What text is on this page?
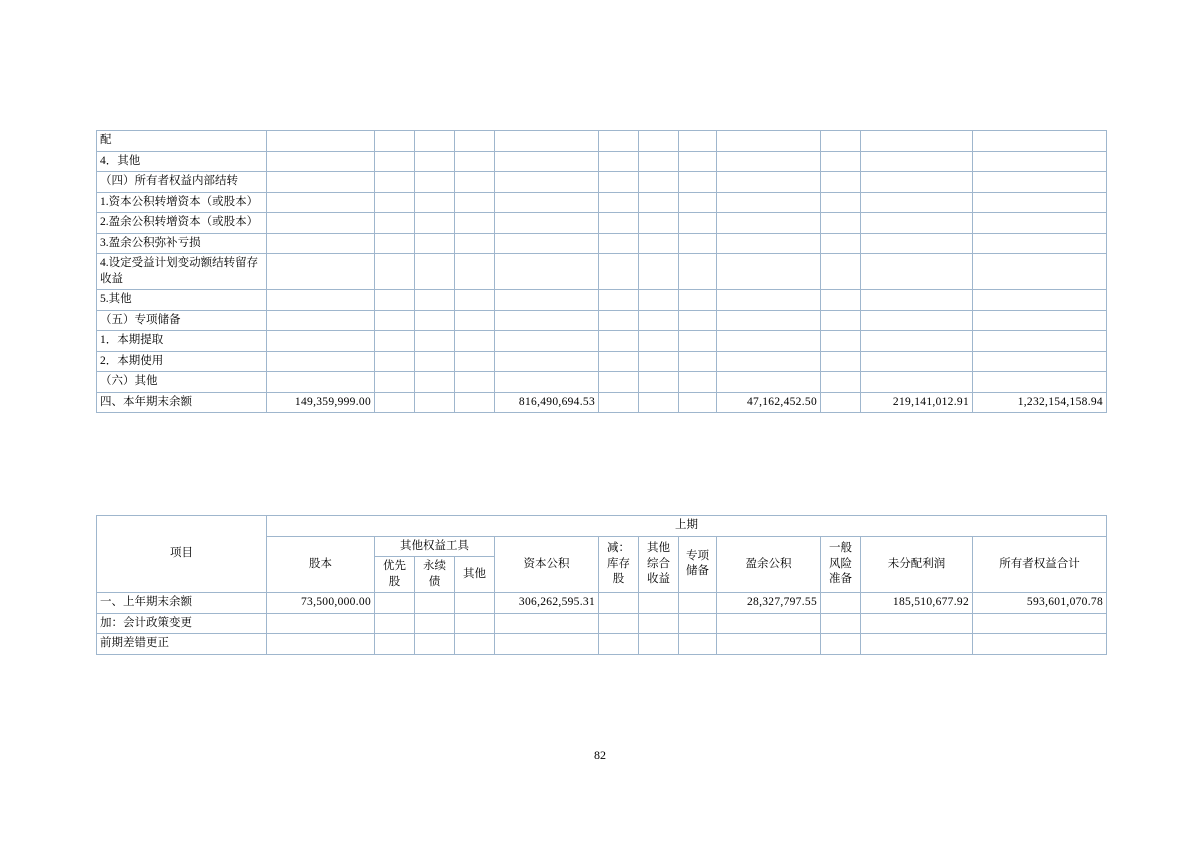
配												
4．其他												
（四）所有者权益内部结转												
1.资本公积转增资本（或股本）												
2.盈余公积转增资本（或股本）												
3.盈余公积弥补亏损												
4.设定受益计划变动额结转留存收益												
5.其他												
（五）专项储备												
1．本期提取												
2．本期使用												
（六）其他												
四、本年期末余额	149,359,999.00				816,490,694.53				47,162,452.50		219,141,012.91	1,232,154,158.94
项目	上期											
	股本	其他权益工具			资本公积	减：库存股	其他综合收益	专项储备	盈余公积	一般风险准备	未分配利润	所有者权益合计
		优先股	永续债	其他								
一、上年期末余额	73,500,000.00				306,262,595.31				28,327,797.55		185,510,677.92	593,601,070.78
加：会计政策变更												
前期差错更正												
82
